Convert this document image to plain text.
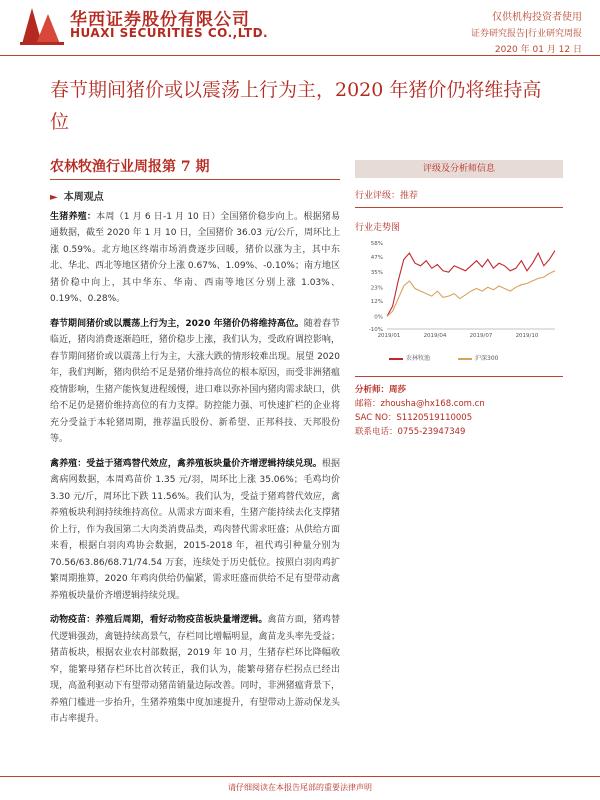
华西证券股份有限公司
HUAXI SECURITIES CO.,LTD.
仅供机构投资者使用
证券研究报告|行业研究周报
2020 年 01 月 12 日
春节期间猪价或以震荡上行为主，2020 年猪价仍将维持高位
农林牧渔行业周报第 7 期
► 本周观点
生猪养殖：本周（1 月 6 日-1 月 10 日）全国猪价稳步向上。根据猪易通数据，截至 2020 年 1 月 10 日，全国猪价 36.03 元/公斤，周环比上涨 0.59%。北方地区终端市场消费逐步回暖，猪价以涨为主，其中东北、华北、西北等地区猪价分上涨 0.67%、1.09%、-0.10%；南方地区猪价稳中向上，其中华东、华南、西南等地区分别上涨 1.03%、0.19%、0.28%。
春节期间猪价或以震荡上行为主，2020 年猪价仍将维持高位。随着春节临近，猪肉消费逐渐趋旺，猪价稳步上涨，我们认为，受政府调控影响，春节期间猪价或以震荡上行为主，大涨大跌的情形较难出现。展望 2020 年，我们判断，猪肉供给不足是猪价维持高位的根本原因，而受非洲猪瘟疫情影响，生猪产能恢复进程缓慢，进口难以弥补国内猪肉需求缺口，供给不足仍是猪价维持高位的有力支撑。防控能力强、可快速扩栏的企业将充分受益于本轮猪周期，推荐温氏股份、新希望、正邦科技、天邦股份等。
禽养殖：受益于猪鸡替代效应，禽养殖板块量价齐增逻辑持续兑现。根据禽病网数据，本周鸡苗价 1.35 元/羽，周环比上涨 35.06%；毛鸡均价 3.30 元/斤，周环比下跌 11.56%。我们认为，受益于猪鸡替代效应，禽养殖板块利润持续维持高位。从需求方面来看，生猪产能持续去化支撑猪价上行，作为我国第二大肉类消费品类，鸡肉替代需求旺盛；从供给方面来看，根据白羽肉鸡协会数据，2015-2018 年，祖代鸡引种量分别为 70.56/63.86/68.71/74.54 万套，连续处于历史低位。按照白羽肉鸡扩繁周期推算，2020 年鸡肉供给仍偏紧，需求旺盛而供给不足有望带动禽养殖板块量价齐增逻辑持续兑现。
动物疫苗：养殖后周期，看好动物疫苗板块量增逻辑。禽苗方面，猪鸡替代逻辑强劲，禽链持续高景气，存栏同比增幅明显，禽苗龙头率先受益；猪苗板块，根据农业农村部数据，2019 年 10 月，生猪存栏环比降幅收窄，能繁母猪存栏环比首次转正，我们认为，能繁母猪存栏拐点已经出现，高盈利驱动下有望带动猪苗销量边际改善。同时，非洲猪瘟背景下，养殖门槛进一步抬升，生猪养殖集中度加速提升，有望带动上游动保龙头市占率提升。
评级及分析师信息
行业评级：推荐
行业走势图
-10%
0%
12%
23%
35%
47%
58%
2019/01	2019/04	2019/07	2019/10
农林牧渔	沪深300
分析师：周莎
邮箱：zhousha@hx168.com.cn
SAC NO：S1120519110005
联系电话：0755-23947349
请仔细阅读在本报告尾部的重要法律声明
